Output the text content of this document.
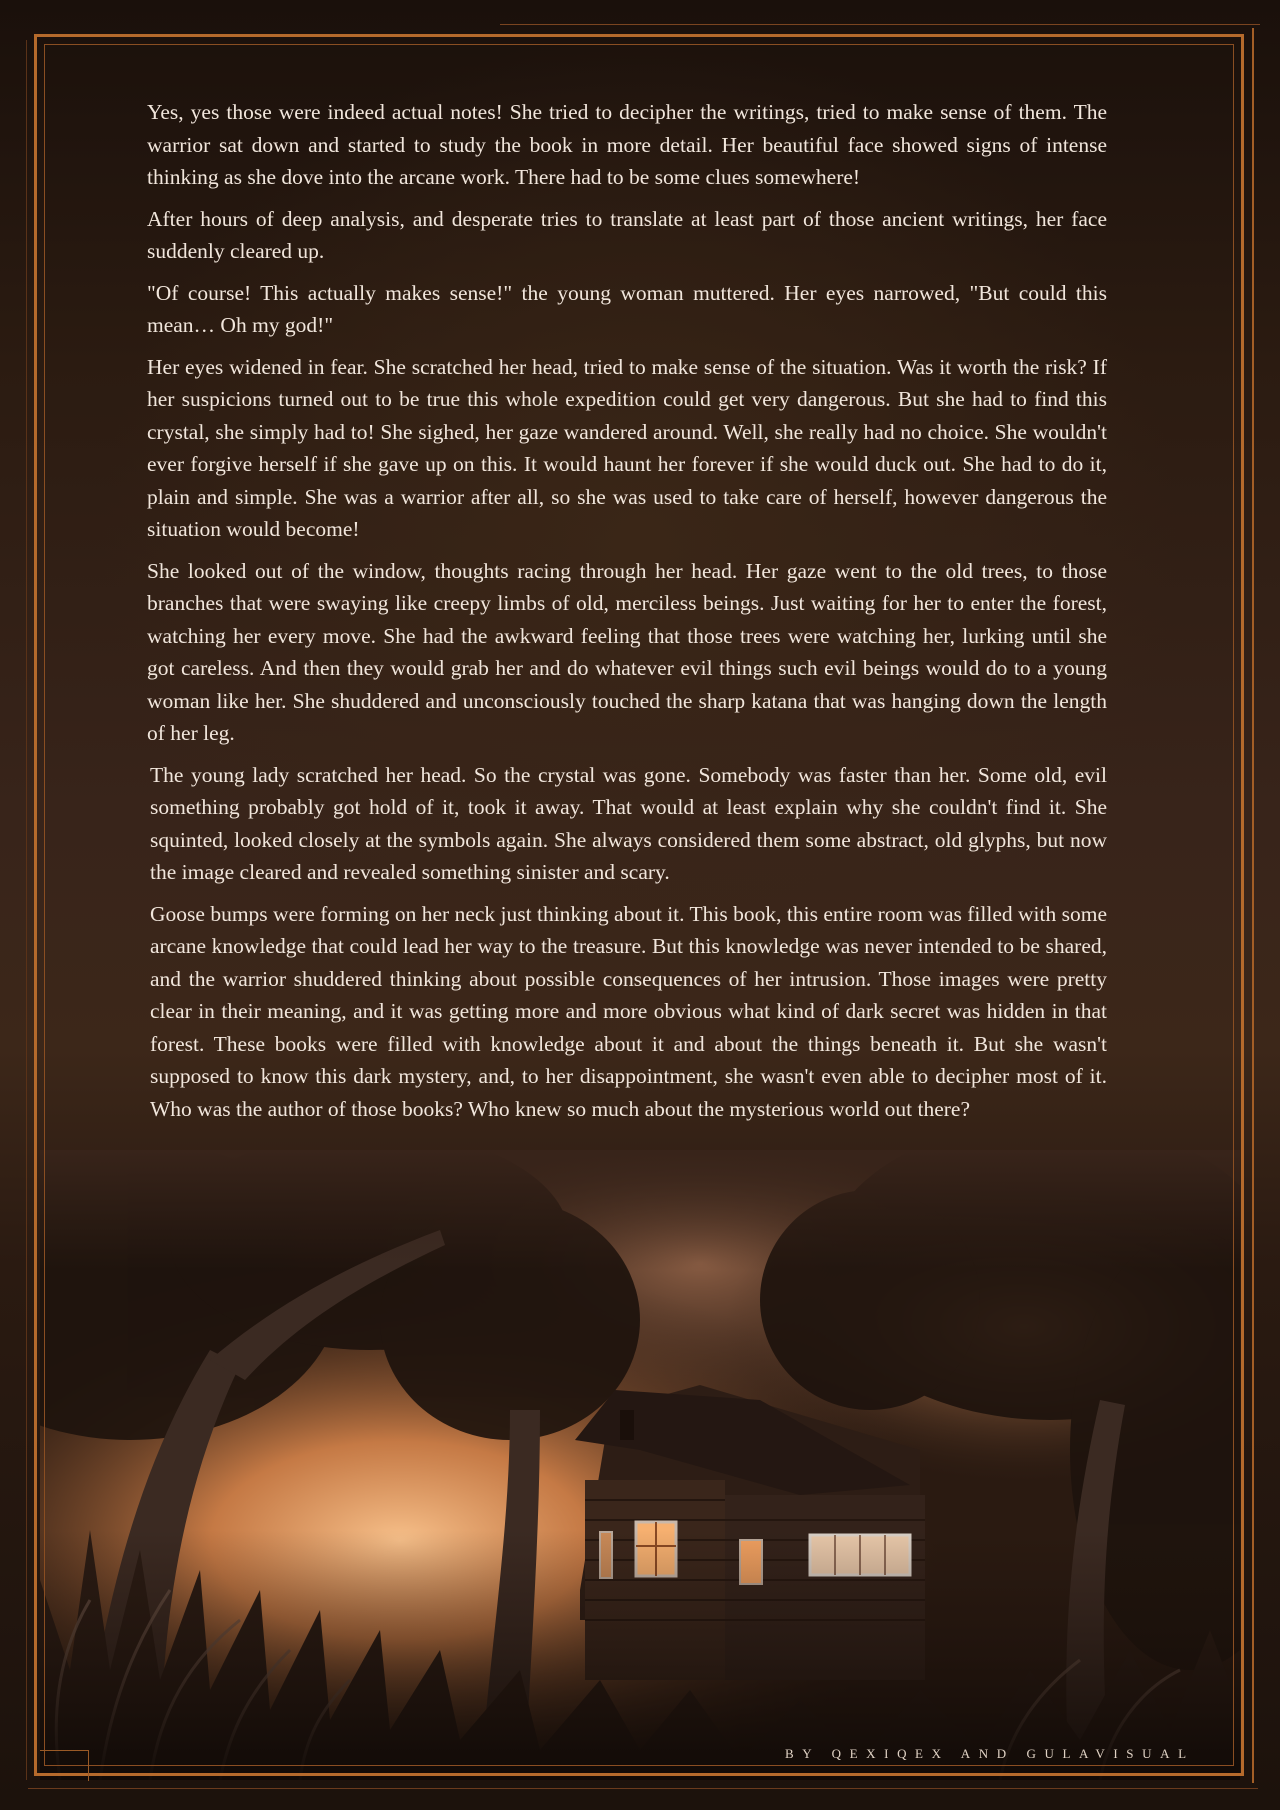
Yes, yes those were indeed actual notes! She tried to decipher the writings, tried to make sense of them. The warrior sat down and started to study the book in more detail. Her beautiful face showed signs of intense thinking as she dove into the arcane work. There had to be some clues somewhere!

After hours of deep analysis, and desperate tries to translate at least part of those ancient writings, her face suddenly cleared up.

"Of course! This actually makes sense!" the young woman muttered. Her eyes narrowed, "But could this mean… Oh my god!"

Her eyes widened in fear. She scratched her head, tried to make sense of the situation. Was it worth the risk? If her suspicions turned out to be true this whole expedition could get very dangerous. But she had to find this crystal, she simply had to! She sighed, her gaze wandered around. Well, she really had no choice. She wouldn't ever forgive herself if she gave up on this. It would haunt her forever if she would duck out. She had to do it, plain and simple. She was a warrior after all, so she was used to take care of herself, however dangerous the situation would become!

She looked out of the window, thoughts racing through her head. Her gaze went to the old trees, to those branches that were swaying like creepy limbs of old, merciless beings. Just waiting for her to enter the forest, watching her every move. She had the awkward feeling that those trees were watching her, lurking until she got careless. And then they would grab her and do whatever evil things such evil beings would do to a young woman like her. She shuddered and unconsciously touched the sharp katana that was hanging down the length of her leg.

The young lady scratched her head. So the crystal was gone. Somebody was faster than her. Some old, evil something probably got hold of it, took it away. That would at least explain why she couldn't find it. She squinted, looked closely at the symbols again. She always considered them some abstract, old glyphs, but now the image cleared and revealed something sinister and scary.

Goose bumps were forming on her neck just thinking about it. This book, this entire room was filled with some arcane knowledge that could lead her way to the treasure. But this knowledge was never intended to be shared, and the warrior shuddered thinking about possible consequences of her intrusion. Those images were pretty clear in their meaning, and it was getting more and more obvious what kind of dark secret was hidden in that forest. These books were filled with knowledge about it and about the things beneath it. But she wasn't supposed to know this dark mystery, and, to her disappointment, she wasn't even able to decipher most of it. Who was the author of those books? Who knew so much about the mysterious world out there?

BY QEXIQEX AND GULAVISUAL
